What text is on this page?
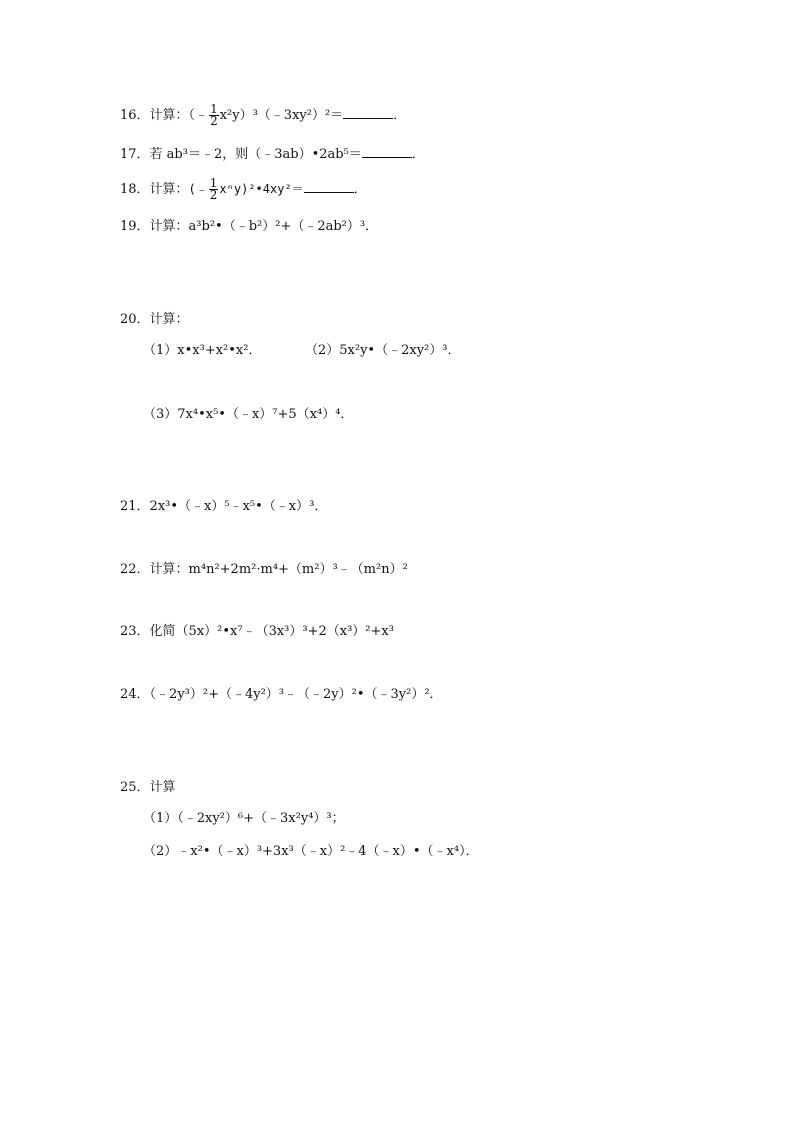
16．计算：（﹣ $\frac{1}{2}$ x²y）³（﹣3xy²）²＝	．
17．若 ab³＝﹣2，则（﹣3ab）•2ab⁵＝	．
18．计算：(﹣ $\frac{1}{2}$ xⁿy)²•4xy²＝	．
19．计算：a³b²•（﹣b²）²+（﹣2ab²）³．
20．计算：
（1）x•x³+x²•x²．	（2）5x²y•（﹣2xy²）³．
（3）7x⁴•x⁵•（﹣x）⁷+5（x⁴）⁴．
21．2x³•（﹣x）⁵﹣x⁵•（﹣x）³．
22．计算：m⁴n²+2m²·m⁴+（m²）³﹣（m²n）²
23．化简（5x）²•x⁷﹣（3x³）³+2（x³）²+x³
24．（﹣2y³）²+（﹣4y²）³﹣（﹣2y）²•（﹣3y²）²．
25．计算
（1）（﹣2xy²）⁶+（﹣3x²y⁴）³；
（2）﹣x²•（﹣x）³+3x³（﹣x）²﹣4（﹣x）•（﹣x⁴）．
